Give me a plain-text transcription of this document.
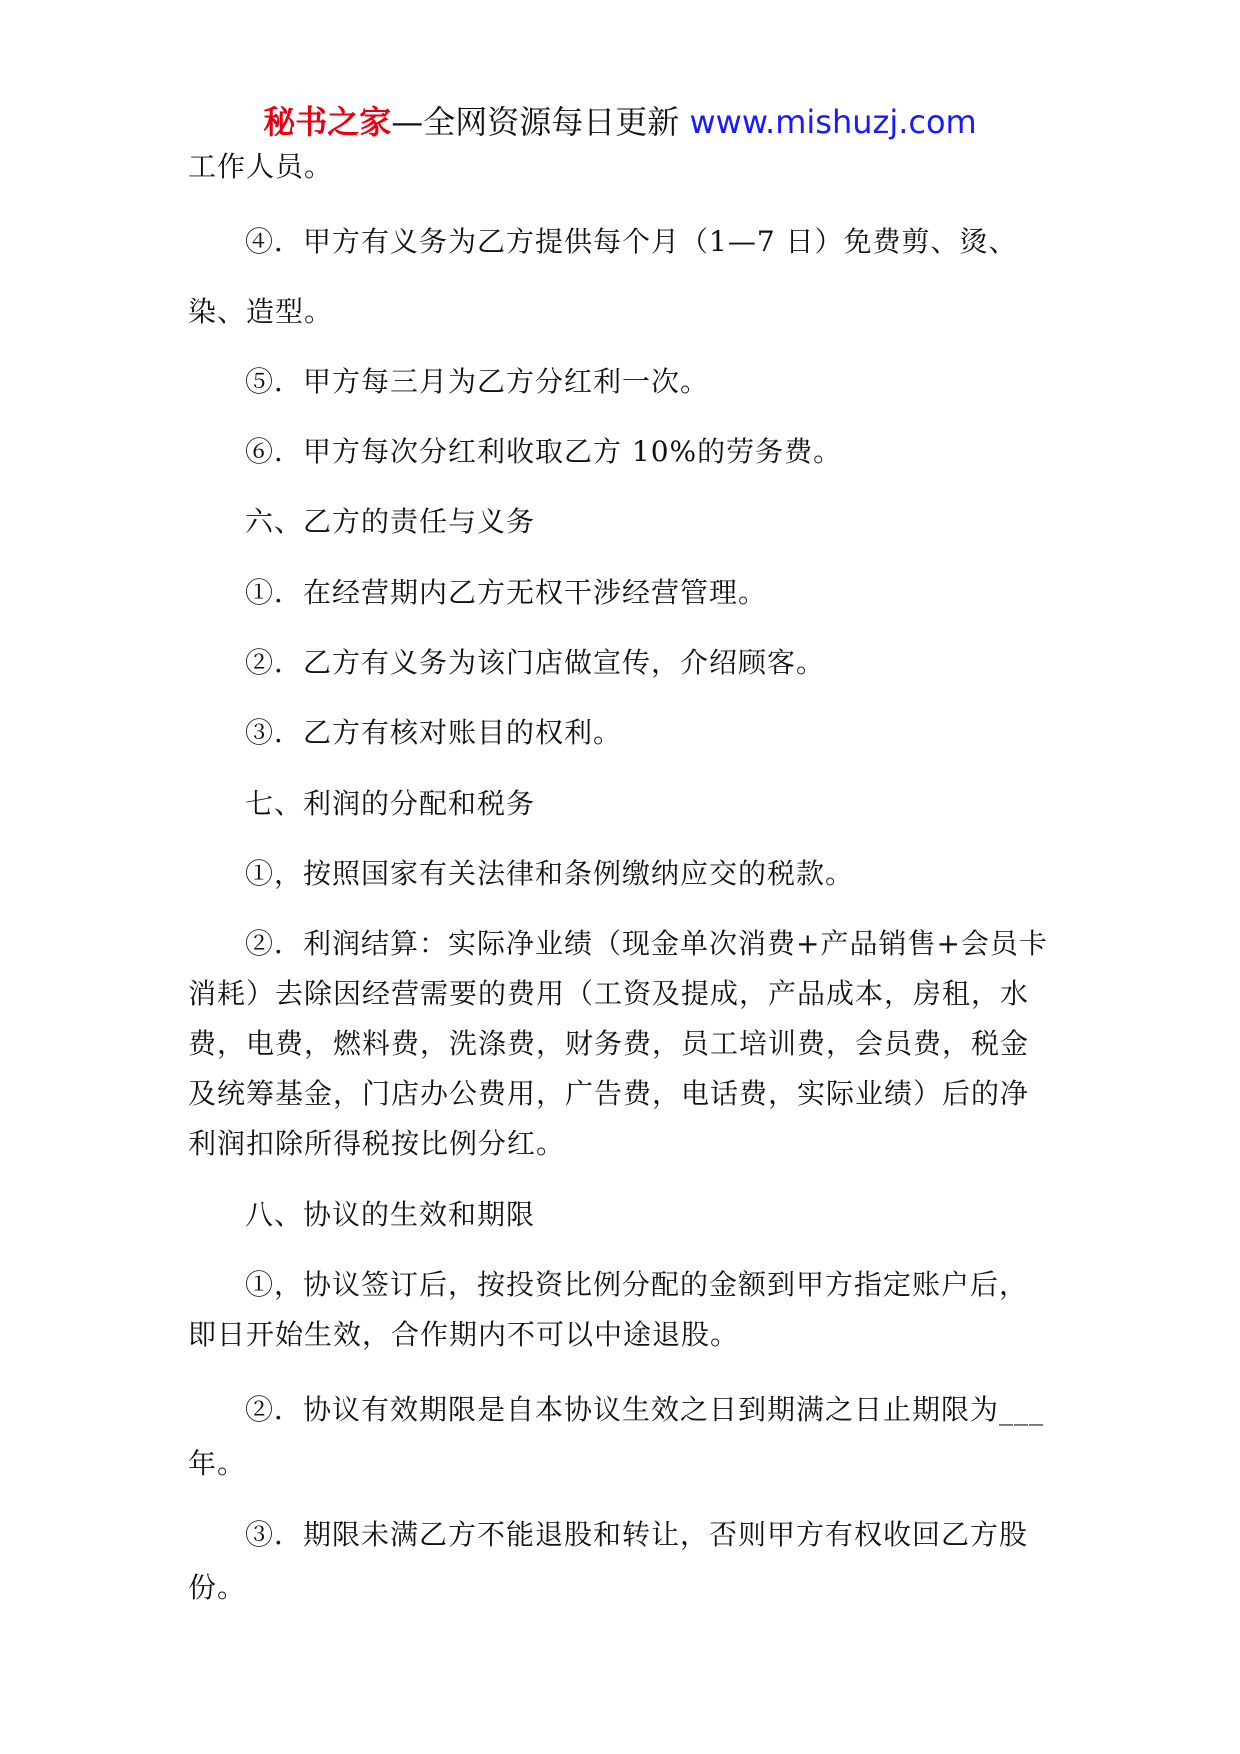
秘书之家—全网资源每日更新 www.mishuzj.com
工作人员。
④．甲方有义务为乙方提供每个月（1—7 日）免费剪、烫、
染、造型。
⑤．甲方每三月为乙方分红利一次。
⑥．甲方每次分红利收取乙方 10%的劳务费。
六、乙方的责任与义务
①．在经营期内乙方无权干涉经营管理。
②．乙方有义务为该门店做宣传，介绍顾客。
③．乙方有核对账目的权利。
七、利润的分配和税务
①，按照国家有关法律和条例缴纳应交的税款。
②．利润结算：实际净业绩（现金单次消费+产品销售+会员卡
消耗）去除因经营需要的费用（工资及提成，产品成本，房租，水
费，电费，燃料费，洗涤费，财务费，员工培训费，会员费，税金
及统筹基金，门店办公费用，广告费，电话费，实际业绩）后的净
利润扣除所得税按比例分红。
八、协议的生效和期限
①，协议签订后，按投资比例分配的金额到甲方指定账户后，
即日开始生效，合作期内不可以中途退股。
②．协议有效期限是自本协议生效之日到期满之日止期限为___
年。
③．期限未满乙方不能退股和转让，否则甲方有权收回乙方股
份。
